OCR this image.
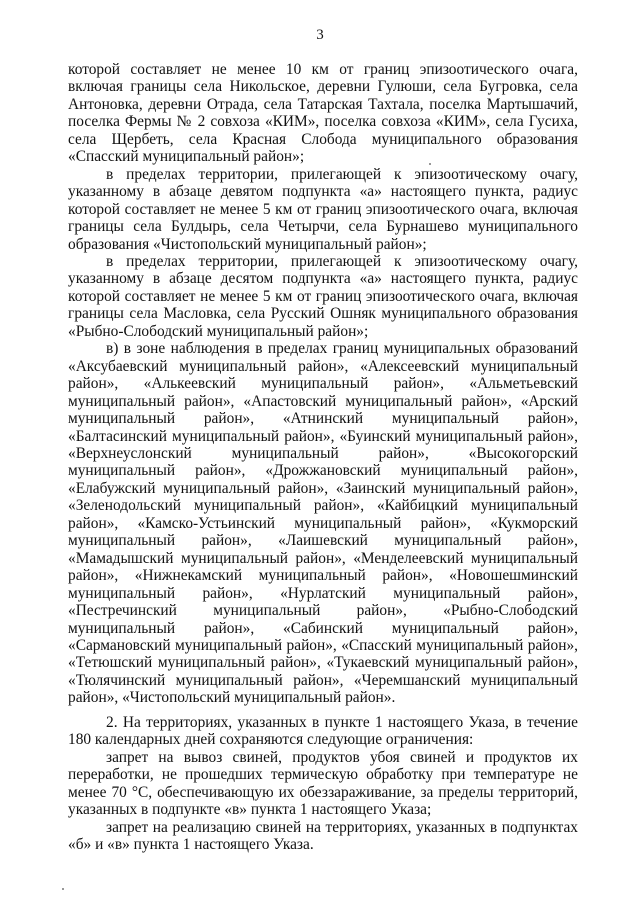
3

которой составляет не менее 10 км от границ эпизоотического очага, включая границы села Никольское, деревни Гулюши, села Бугровка, села Антоновка, деревни Отрада, села Татарская Тахтала, поселка Мартышачий, поселка Фермы № 2 совхоза «КИМ», поселка совхоза «КИМ», села Гусиха, села Щербеть, села Красная Слобода муниципального образования «Спасский муниципальный район»;

в пределах территории, прилегающей к эпизоотическому очагу, указанному в абзаце девятом подпункта «а» настоящего пункта, радиус которой составляет не менее 5 км от границ эпизоотического очага, включая границы села Булдырь, села Четырчи, села Бурнашево муниципального образования «Чистопольский муниципальный район»;

в пределах территории, прилегающей к эпизоотическому очагу, указанному в абзаце десятом подпункта «а» настоящего пункта, радиус которой составляет не менее 5 км от границ эпизоотического очага, включая границы села Масловка, села Русский Ошняк муниципального образования «Рыбно-Слободский муниципальный район»;

в) в зоне наблюдения в пределах границ муниципальных образований «Аксубаевский муниципальный район», «Алексеевский муниципальный район», «Алькеевский муниципальный район», «Альметьевский муниципальный район», «Апастовский муниципальный район», «Арский муниципальный район», «Атнинский муниципальный район», «Балтасинский муниципальный район», «Буинский муниципальный район», «Верхнеуслонский муниципальный район», «Высокогорский муниципальный район», «Дрожжановский муниципальный район», «Елабужский муниципальный район», «Заинский муниципальный район», «Зеленодольский муниципальный район», «Кайбицкий муниципальный район», «Камско-Устьинский муниципальный район», «Кукморский муниципальный район», «Лаишевский муниципальный район», «Мамадышский муниципальный район», «Менделеевский муниципальный район», «Нижнекамский муниципальный район», «Новошешминский муниципальный район», «Нурлатский муниципальный район», «Пестречинский муниципальный район», «Рыбно-Слободский муниципальный район», «Сабинский муниципальный район», «Сармановский муниципальный район», «Спасский муниципальный район», «Тетюшский муниципальный район», «Тукаевский муниципальный район», «Тюлячинский муниципальный район», «Черемшанский муниципальный район», «Чистопольский муниципальный район».

2. На территориях, указанных в пункте 1 настоящего Указа, в течение 180 календарных дней сохраняются следующие ограничения:

запрет на вывоз свиней, продуктов убоя свиней и продуктов их переработки, не прошедших термическую обработку при температуре не менее 70 °С, обеспечивающую их обеззараживание, за пределы территорий, указанных в подпункте «в» пункта 1 настоящего Указа;

запрет на реализацию свиней на территориях, указанных в подпунктах «б» и «в» пункта 1 настоящего Указа.
